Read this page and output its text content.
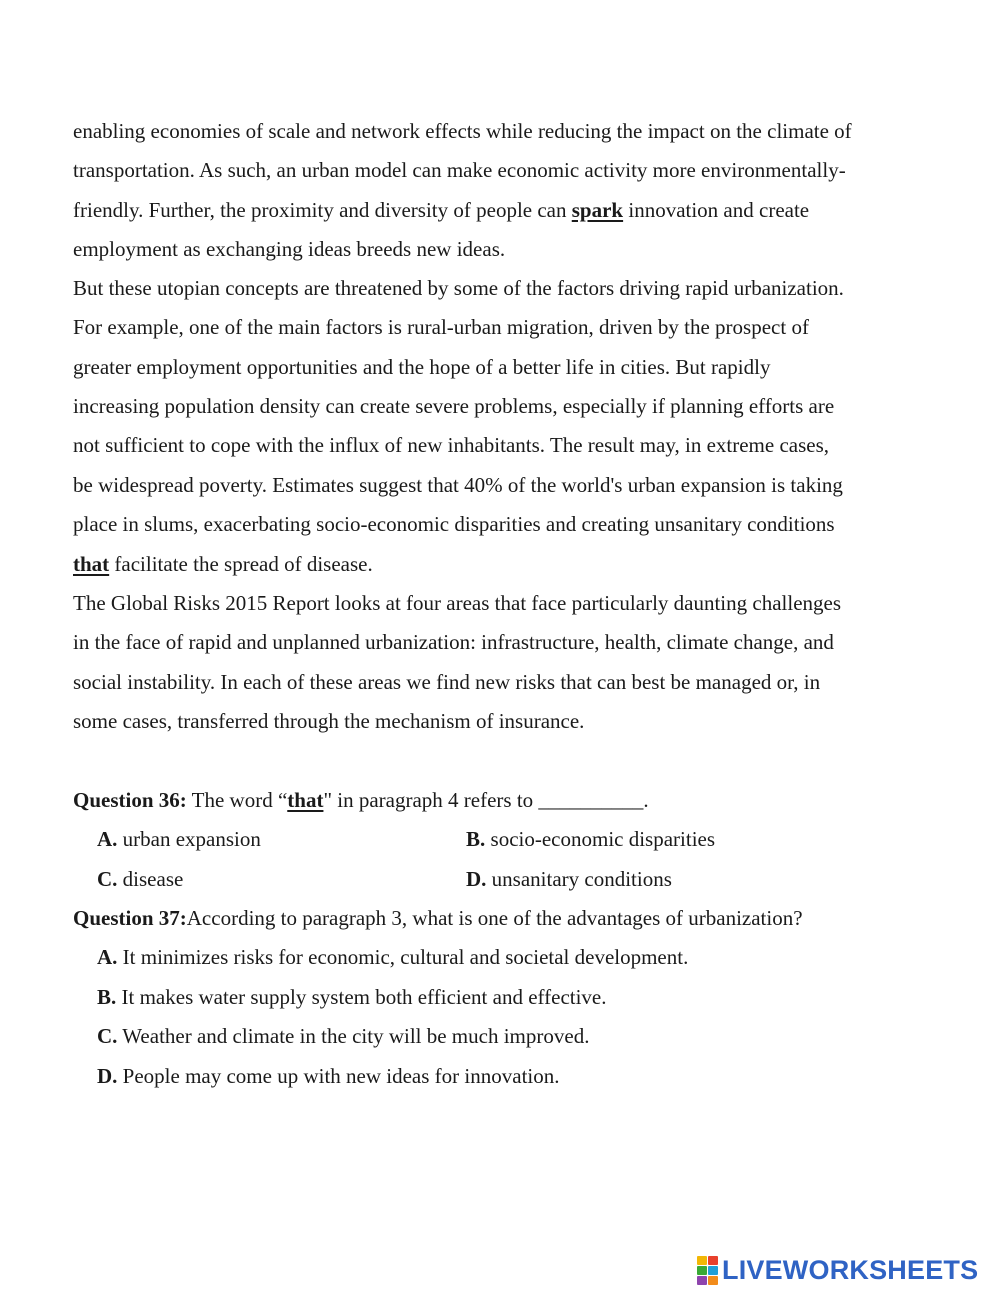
enabling economies of scale and network effects while reducing the impact on the climate of
transportation. As such, an urban model can make economic activity more environmentally-
friendly. Further, the proximity and diversity of people can spark innovation and create
employment as exchanging ideas breeds new ideas.
But these utopian concepts are threatened by some of the factors driving rapid urbanization.
For example, one of the main factors is rural-urban migration, driven by the prospect of
greater employment opportunities and the hope of a better life in cities. But rapidly
increasing population density can create severe problems, especially if planning efforts are
not sufficient to cope with the influx of new inhabitants. The result may, in extreme cases,
be widespread poverty. Estimates suggest that 40% of the world's urban expansion is taking
place in slums, exacerbating socio-economic disparities and creating unsanitary conditions
that facilitate the spread of disease.
The Global Risks 2015 Report looks at four areas that face particularly daunting challenges
in the face of rapid and unplanned urbanization: infrastructure, health, climate change, and
social instability. In each of these areas we find new risks that can best be managed or, in
some cases, transferred through the mechanism of insurance.
Question 36: The word “that" in paragraph 4 refers to __________.
A. urban expansion	B. socio-economic disparities
C. disease	D. unsanitary conditions
Question 37:According to paragraph 3, what is one of the advantages of urbanization?
A. It minimizes risks for economic, cultural and societal development.
B. It makes water supply system both efficient and effective.
C. Weather and climate in the city will be much improved.
D. People may come up with new ideas for innovation.
LIVEWORKSHEETS
